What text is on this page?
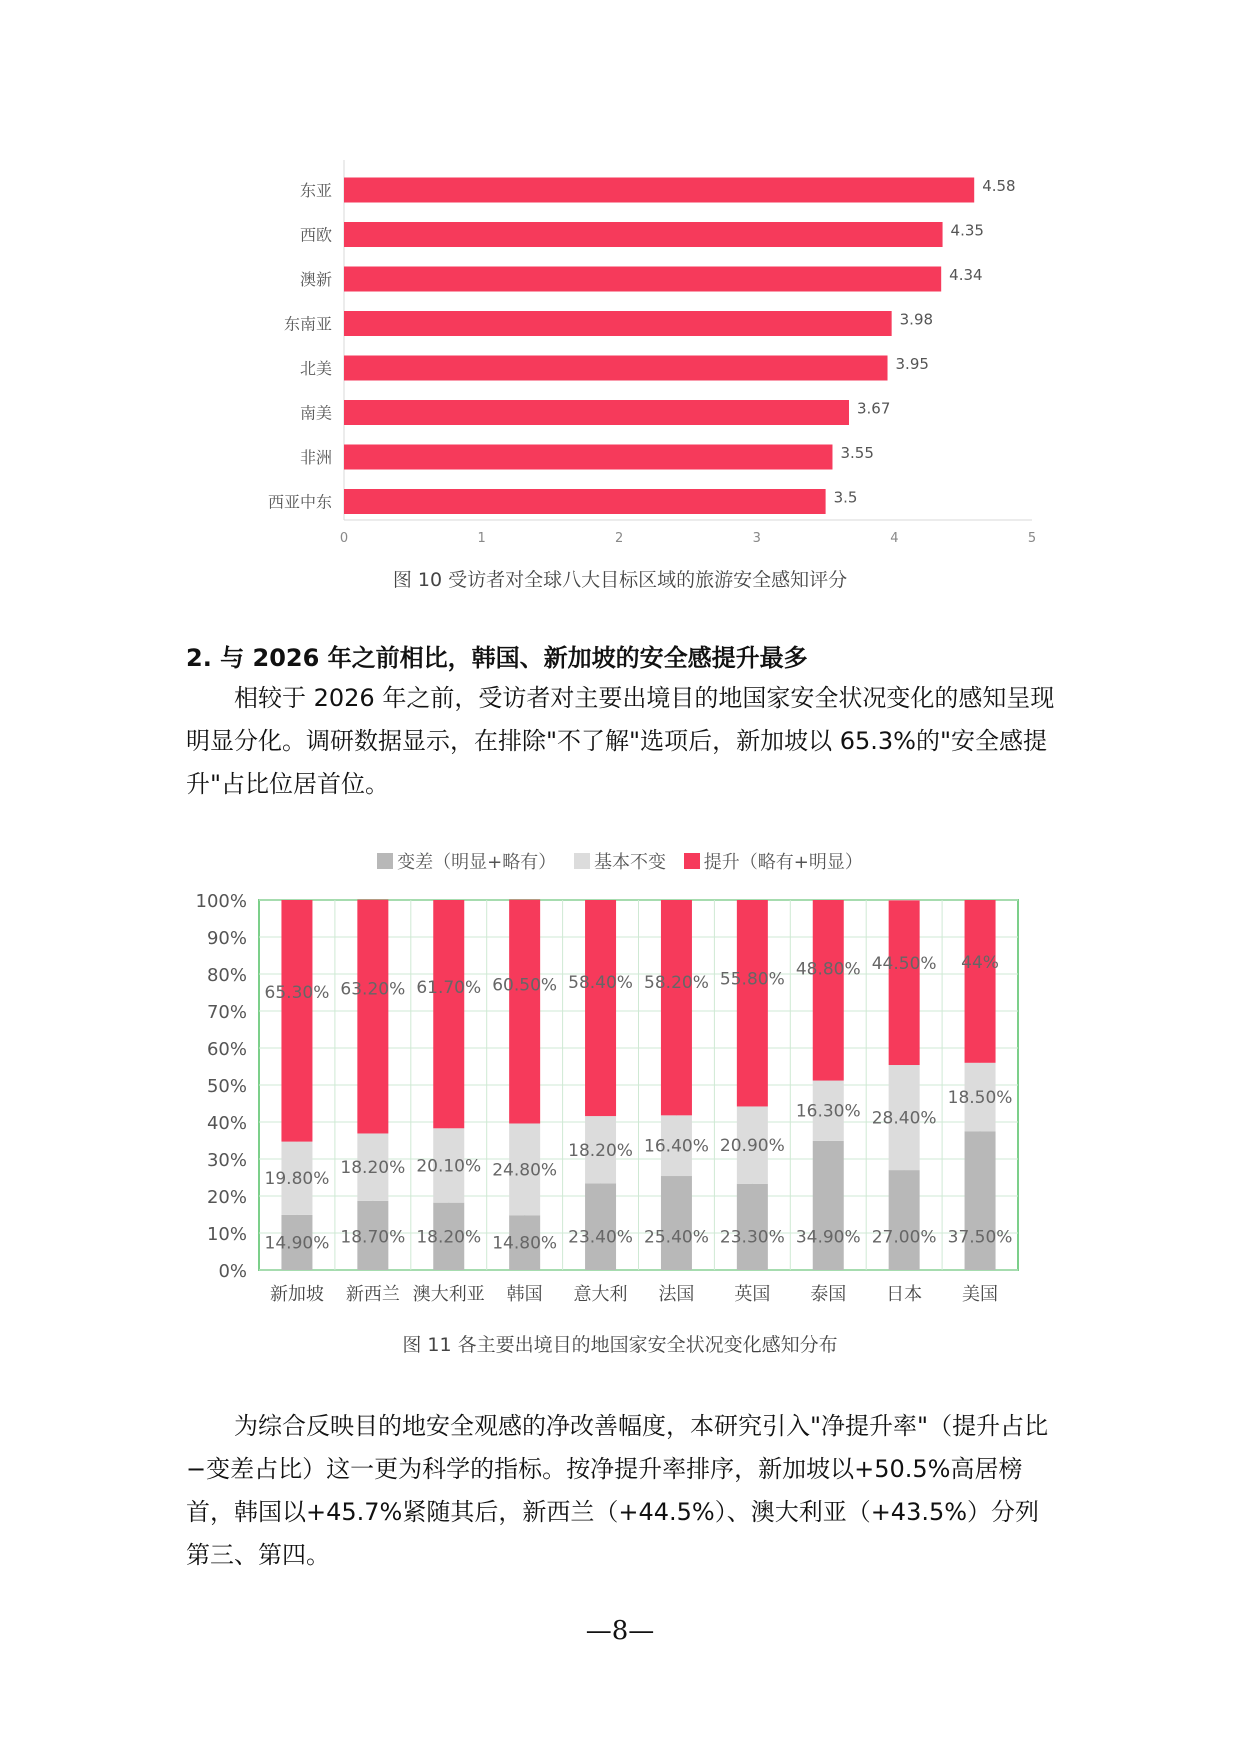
0	1	2	3	4	5
东亚	4.58
西欧	4.35
澳新	4.34
东南亚	3.98
北美	3.95
南美	3.67
非洲	3.55
西亚中东	3.5
图 10 受访者对全球八大目标区域的旅游安全感知评分
2. 与 2026 年之前相比，韩国、新加坡的安全感提升最多
相较于 2026 年之前，受访者对主要出境目的地国家安全状况变化的感知呈现明显分化。调研数据显示，在排除"不了解"选项后，新加坡以 65.3%的"安全感提升"占比位居首位。
变差（明显+略有）
基本不变
提升（略有+明显）
0%
10%
20%
30%
40%
50%
60%
70%
80%
90%
100%
新加坡 新西兰 澳大利亚 韩国 意大利 法国 英国 泰国 日本 美国
14.90%
19.80%
65.30%
18.70%
18.20%
63.20%
18.20%
20.10%
61.70%
14.80%
24.80%
60.50%
23.40%
18.20%
58.40%
25.40%
16.40%
58.20%
23.30%
20.90%
55.80%
34.90%
16.30%
48.80%
27.00%
28.40%
44.50%
37.50%
18.50%
44%
图 11 各主要出境目的地国家安全状况变化感知分布
为综合反映目的地安全观感的净改善幅度，本研究引入"净提升率"（提升占比−变差占比）这一更为科学的指标。按净提升率排序，新加坡以+50.5%高居榜首，韩国以+45.7%紧随其后，新西兰（+44.5%）、澳大利亚（+43.5%）分列第三、第四。
—8—
